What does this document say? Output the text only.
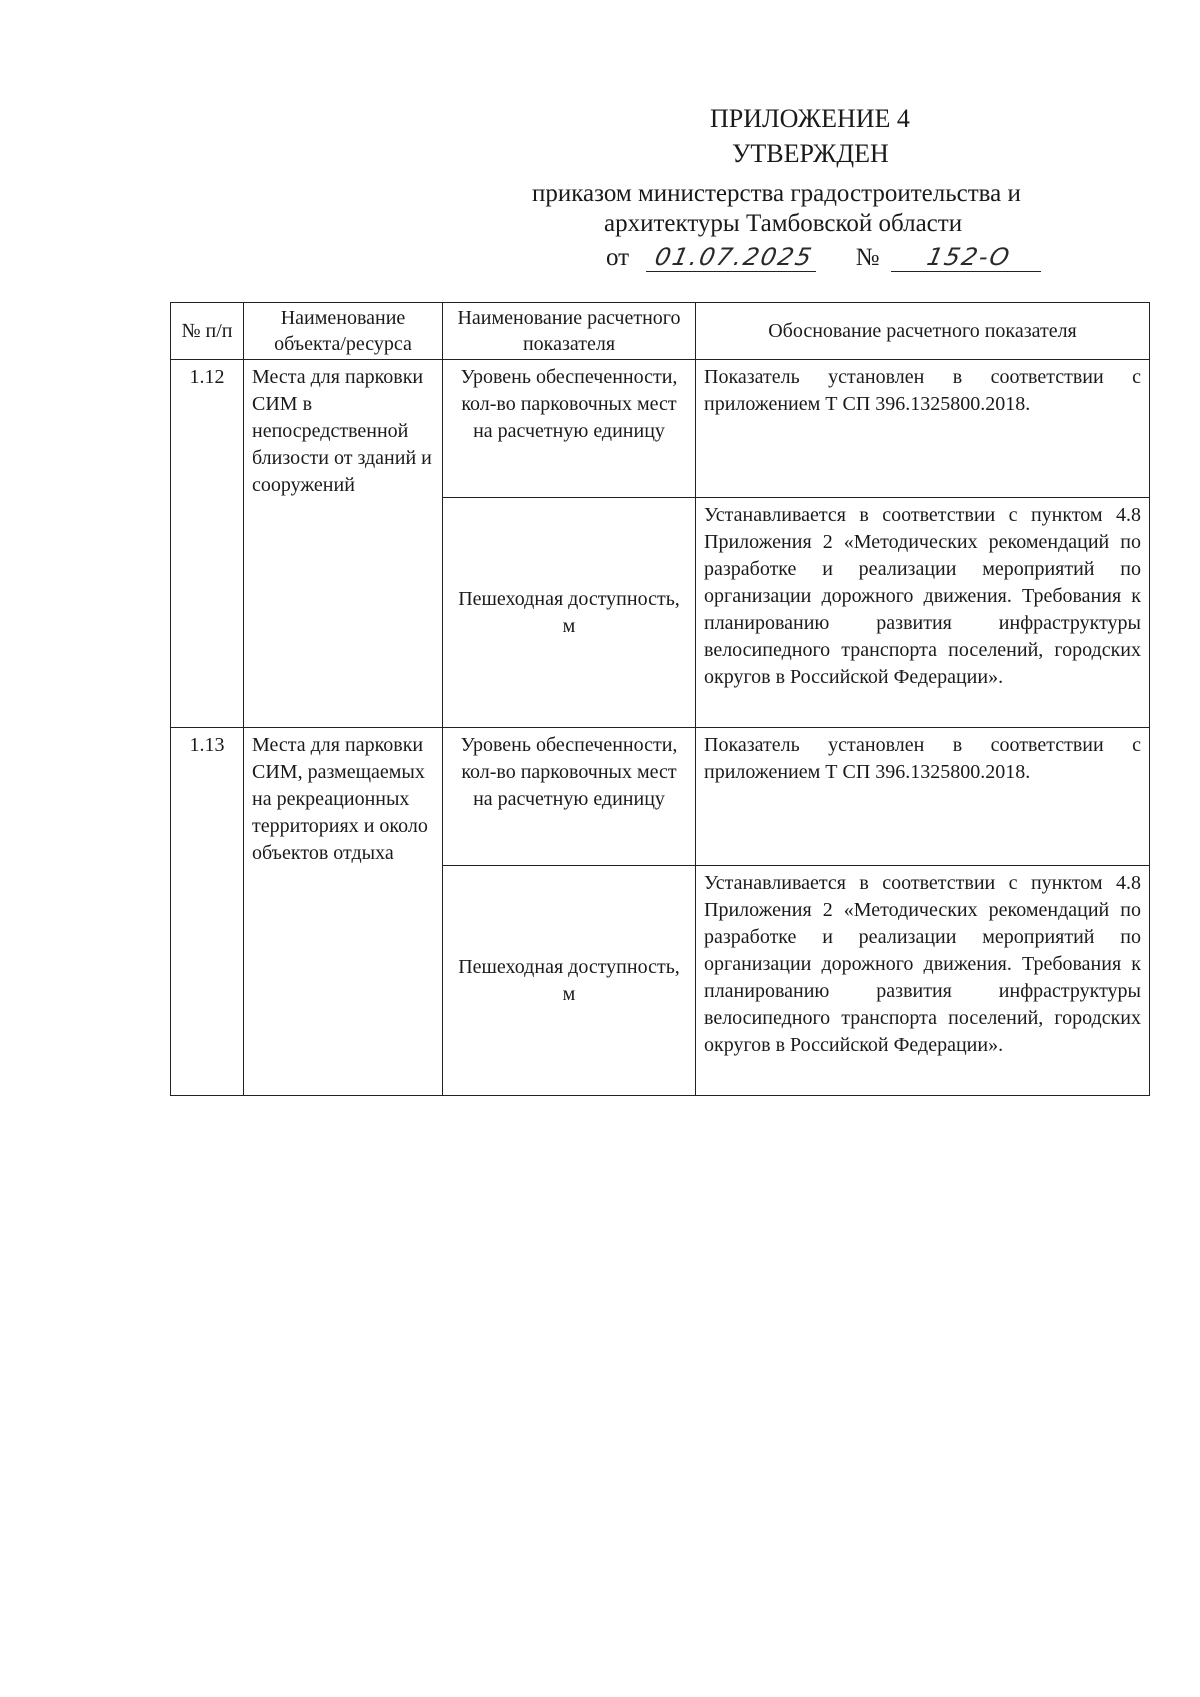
ПРИЛОЖЕНИЕ 4
УТВЕРЖДЕН
приказом министерства градостроительства и
архитектуры Тамбовской области
от 01.07.2025 № 152-О
№ п/п	Наименование объекта/ресурса	Наименование расчетного показателя	Обоснование расчетного показателя
1.12	Места для парковки СИМ в непосредственной близости от зданий и сооружений	Уровень обеспеченности, кол-во парковочных мест на расчетную единицу	Показатель установлен в соответствии с приложением Т СП 396.1325800.2018.
		Пешеходная доступность, м	Устанавливается в соответствии с пунктом 4.8 Приложения 2 «Методических рекомендаций по разработке и реализации мероприятий по организации дорожного движения. Требования к планированию развития инфраструктуры велосипедного транспорта поселений, городских округов в Российской Федерации».
1.13	Места для парковки СИМ, размещаемых на рекреационных территориях и около объектов отдыха	Уровень обеспеченности, кол-во парковочных мест на расчетную единицу	Показатель установлен в соответствии с приложением Т СП 396.1325800.2018.
		Пешеходная доступность, м	Устанавливается в соответствии с пунктом 4.8 Приложения 2 «Методических рекомендаций по разработке и реализации мероприятий по организации дорожного движения. Требования к планированию развития инфраструктуры велосипедного транспорта поселений, городских округов в Российской Федерации».
